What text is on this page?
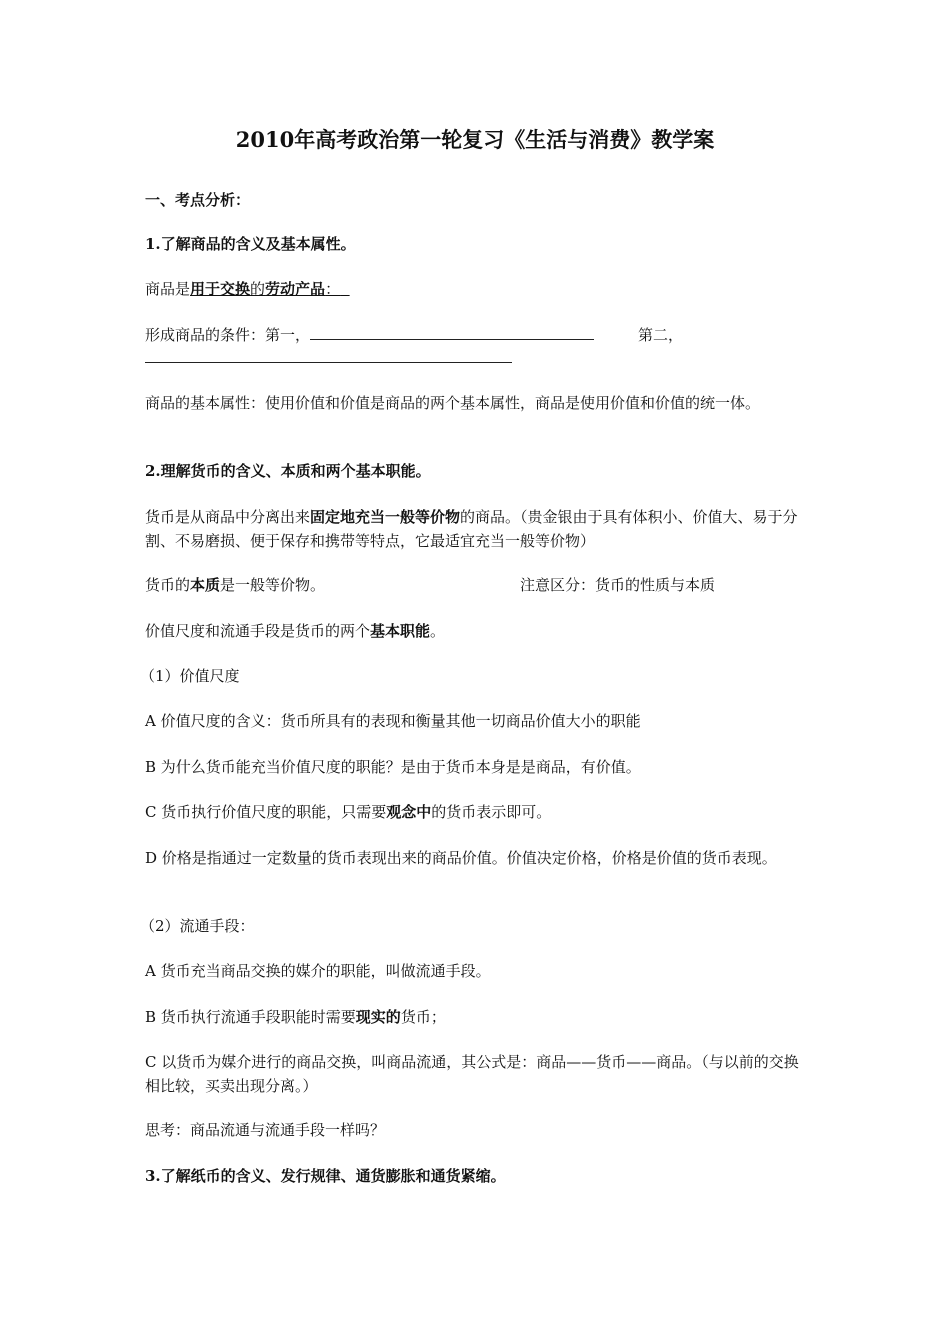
2010年高考政治第一轮复习《生活与消费》教学案
一、考点分析：
1.了解商品的含义及基本属性。
商品是用于交换的劳动产品：
形成商品的条件：第一，	第二，
商品的基本属性：使用价值和价值是商品的两个基本属性，商品是使用价值和价值的统一体。
2.理解货币的含义、本质和两个基本职能。
货币是从商品中分离出来固定地充当一般等价物的商品。（贵金银由于具有体积小、价值大、易于分割、不易磨损、便于保存和携带等特点，它最适宜充当一般等价物）
货币的本质是一般等价物。	注意区分：货币的性质与本质
价值尺度和流通手段是货币的两个基本职能。
（1）价值尺度
A 价值尺度的含义：货币所具有的表现和衡量其他一切商品价值大小的职能
B 为什么货币能充当价值尺度的职能？是由于货币本身是是商品，有价值。
C 货币执行价值尺度的职能，只需要观念中的货币表示即可。
D 价格是指通过一定数量的货币表现出来的商品价值。价值决定价格，价格是价值的货币表现。
（2）流通手段：
A 货币充当商品交换的媒介的职能，叫做流通手段。
B 货币执行流通手段职能时需要现实的货币；
C 以货币为媒介进行的商品交换，叫商品流通，其公式是：商品——货币——商品。（与以前的交换相比较，买卖出现分离。）
思考：商品流通与流通手段一样吗？
3.了解纸币的含义、发行规律、通货膨胀和通货紧缩。
